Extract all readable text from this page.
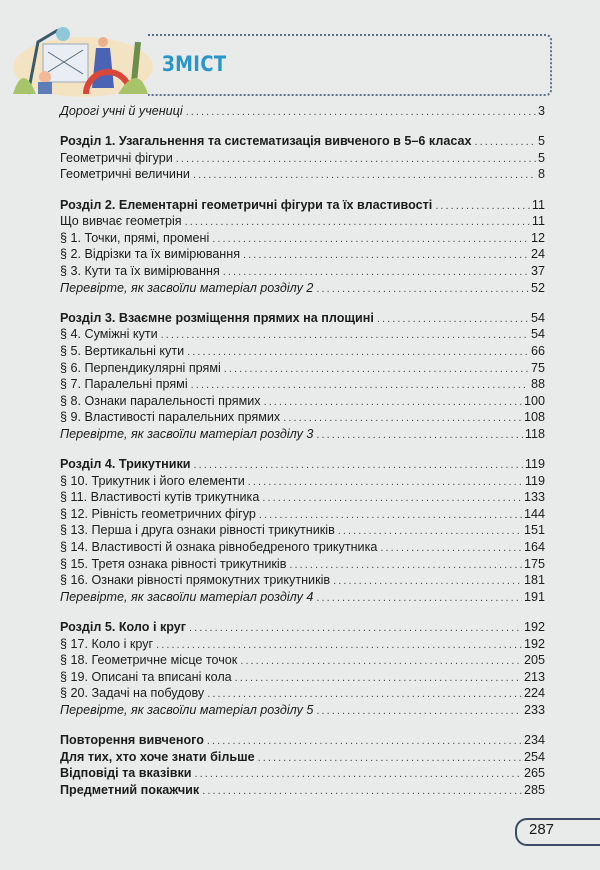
ЗМІСТ
Дорогі учні й учениці . . .	3
Розділ 1. Узагальнення та систематизація вивченого в 5–6 класах . . .	5
Геометричні фігури . . .	5
Геометричні величини . . .	8
Розділ 2. Елементарні геометричні фігури та їх властивості . . .	11
Що вивчає геометрія . . .	11
§ 1. Точки, прямі, промені . . .	12
§ 2. Відрізки та їх вимірювання . . .	24
§ 3. Кути та їх вимірювання . . .	37
Перевірте, як засвоїли матеріал розділу 2 . . .	52
Розділ 3. Взаємне розміщення прямих на площині . . .	54
§ 4. Суміжні кути . . .	54
§ 5. Вертикальні кути . . .	66
§ 6. Перпендикулярні прямі . . .	75
§ 7. Паралельні прямі . . .	88
§ 8. Ознаки паралельності прямих . . .	100
§ 9. Властивості паралельних прямих . . .	108
Перевірте, як засвоїли матеріал розділу 3 . . .	118
Розділ 4. Трикутники . . .	119
§ 10. Трикутник і його елементи . . .	119
§ 11. Властивості кутів трикутника . . .	133
§ 12. Рівність геометричних фігур . . .	144
§ 13. Перша і друга ознаки рівності трикутників . . .	151
§ 14. Властивості й ознака рівнобедреного трикутника . . .	164
§ 15. Третя ознака рівності трикутників . . .	175
§ 16. Ознаки рівності прямокутних трикутників . . .	181
Перевірте, як засвоїли матеріал розділу 4 . . .	191
Розділ 5. Коло і круг . . .	192
§ 17. Коло і круг . . .	192
§ 18. Геометричне місце точок . . .	205
§ 19. Описані та вписані кола . . .	213
§ 20. Задачі на побудову . . .	224
Перевірте, як засвоїли матеріал розділу 5 . . .	233
Повторення вивченого . . .	234
Для тих, хто хоче знати більше . . .	254
Відповіді та вказівки . . .	265
Предметний покажчик . . .	285
287
